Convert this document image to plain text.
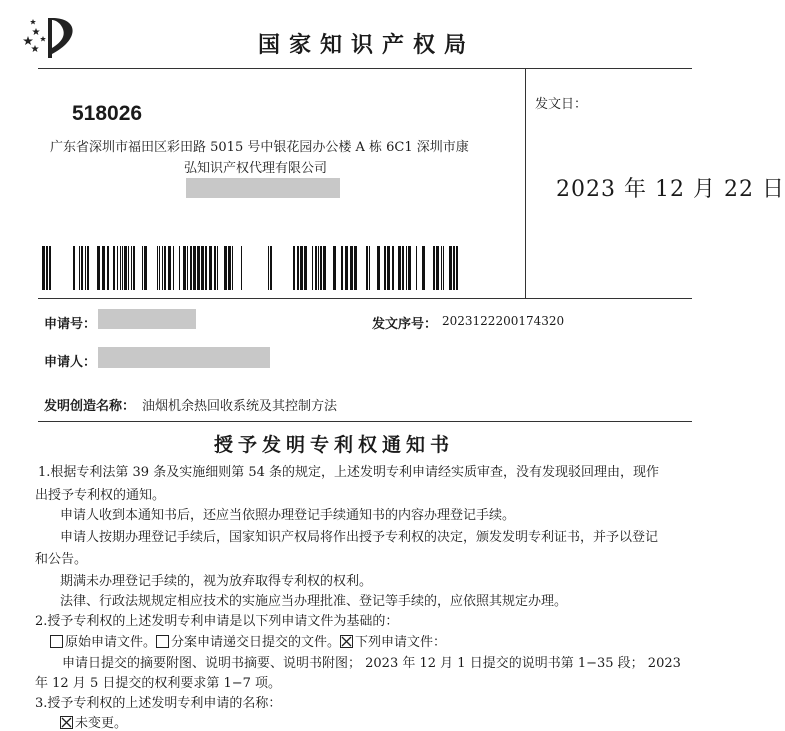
国家知识产权局
518026
广东省深圳市福田区彩田路 5015 号中银花园办公楼 A 栋 6C1 深圳市康
弘知识产权代理有限公司
发文日：
2023 年 12 月 22 日
申请号：	发文序号： 2023122200174320
申请人：
发明创造名称： 油烟机余热回收系统及其控制方法
授予发明专利权通知书
1.根据专利法第 39 条及实施细则第 54 条的规定，上述发明专利申请经实质审查，没有发现驳回理由，现作
出授予专利权的通知。
申请人收到本通知书后，还应当依照办理登记手续通知书的内容办理登记手续。
申请人按期办理登记手续后，国家知识产权局将作出授予专利权的决定，颁发发明专利证书，并予以登记
和公告。
期满未办理登记手续的，视为放弃取得专利权的权利。
法律、行政法规规定相应技术的实施应当办理批准、登记等手续的，应依照其规定办理。
2.授予专利权的上述发明专利申请是以下列申请文件为基础的：
原始申请文件。 分案申请递交日提交的文件。 下列申请文件：
申请日提交的摘要附图、说明书摘要、说明书附图； 2023 年 12 月 1 日提交的说明书第 1−35 段； 2023
年 12 月 5 日提交的权利要求第 1−7 项。
3.授予专利权的上述发明专利申请的名称：
未变更。
